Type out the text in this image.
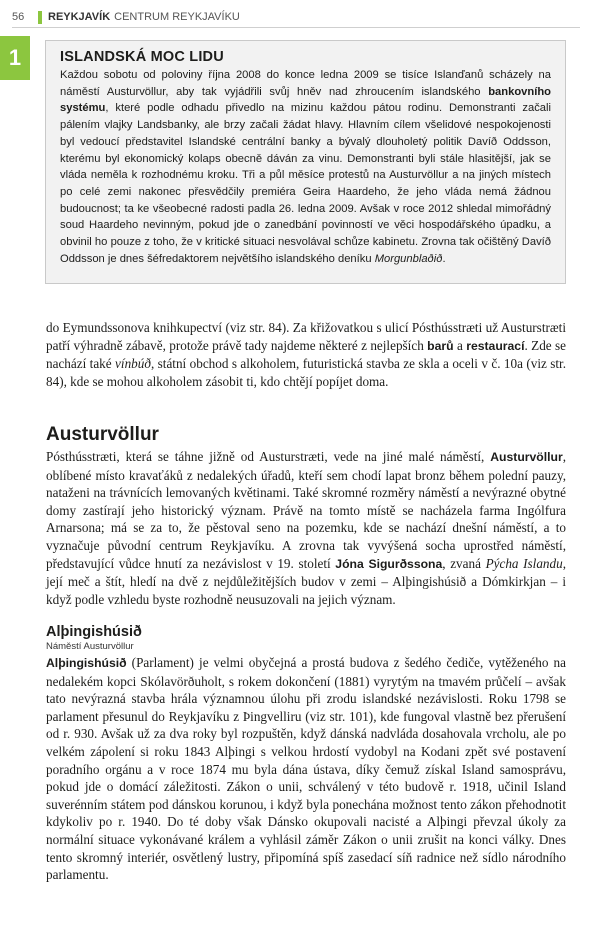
56	REYKJAVÍK CENTRUM REYKJAVÍKU
1	ISLANDSKÁ MOC LIDU
Každou sobotu od poloviny října 2008 do konce ledna 2009 se tisíce Islanďanů scházely na náměstí Austurvöllur, aby tak vyjádřili svůj hněv nad zhroucením islandského bankovního systému, které podle odhadu přivedlo na mizinu každou pátou rodinu. Demonstranti začali pálením vlajky Landsbanky, ale brzy začali žádat hlavy. Hlavním cílem všelidové nespokojenosti byl vedoucí představitel Islandské centrální banky a bývalý dlouholetý politik Davíð Oddsson, kterému byl ekonomický kolaps obecně dáván za vinu. Demonstranti byli stále hlasitější, jak se vláda neměla k rozhodnému kroku. Tři a půl měsíce protestů na Austurvöllur a na jiných místech po celé zemi nakonec přesvědčily premiéra Geira Haardeho, že jeho vláda nemá žádnou budoucnost; ta ke všeobecné radosti padla 26. ledna 2009. Avšak v roce 2012 shledal mimořádný soud Haardeho nevinným, pokud jde o zanedbání povinností ve věci hospodářského úpadku, a obvinil ho pouze z toho, že v kritické situaci nesvolával schůze kabinetu. Zrovna tak očištěný Davíð Oddsson je dnes šéfredaktorem největšího islandského deníku Morgunblaðið.

do Eymundssonova knihkupectví (viz str. 84). Za křižovatkou s ulicí Pósthússtræti už Austurstræti patří výhradně zábavě, protože právě tady najdeme některé z nejlepších barů a restaurací. Zde se nachází také vínbúð, státní obchod s alkoholem, futuristická stavba ze skla a oceli v č. 10a (viz str. 84), kde se mohou alkoholem zásobit ti, kdo chtějí popíjet doma.

Austurvöllur

Pósthússtræti, která se táhne jižně od Austurstræti, vede na jiné malé náměstí, Austurvöllur, oblíbené místo kravaťáků z nedalekých úřadů, kteří sem chodí lapat bronz během polední pauzy, nataženi na trávnících lemovaných květinami. Také skromné rozměry náměstí a nevýrazné obytné domy zastírají jeho historický význam. Právě na tomto místě se nacházela farma Ingólfura Arnarsona; má se za to, že pěstoval seno na pozemku, kde se nachází dnešní náměstí, a to vyznačuje původní centrum Reykjavíku. A zrovna tak vyvýšená socha uprostřed náměstí, představující vůdce hnutí za nezávislost v 19. století Jóna Sigurðssona, zvaná Pýcha Islandu, její meč a štít, hledí na dvě z nejdůležitějších budov v zemi – Alþingishúsið a Dómkirkjan – i když podle vzhledu byste rozhodně neusuzovali na jejich význam.

Alþingishúsið
Náměstí Austurvöllur

Alþingishúsið (Parlament) je velmi obyčejná a prostá budova z šedého čediče, vytěženého na nedalekém kopci Skólavörðuholt, s rokem dokončení (1881) vyrytým na tmavém průčelí – avšak tato nevýrazná stavba hrála významnou úlohu při zrodu islandské nezávislosti. Roku 1798 se parlament přesunul do Reykjavíku z Þingvelliru (viz str. 101), kde fungoval vlastně bez přerušení od r. 930. Avšak už za dva roky byl rozpuštěn, když dánská nadvláda dosahovala vrcholu, ale po velkém zápolení si roku 1843 Alþingi s velkou hrdostí vydobyl na Kodani zpět své postavení poradního orgánu a v roce 1874 mu byla dána ústava, díky čemuž získal Island samosprávu, pokud jde o domácí záležitosti. Zákon o unii, schválený v této budově r. 1918, učinil Island suverénním státem pod dánskou korunou, i když byla ponechána možnost tento zákon přehodnotit kdykoliv po r. 1940. Do té doby však Dánsko okupovali nacisté a Alþingi převzal úkoly za normální situace vykonávané králem a vyhlásil záměr Zákon o unii zrušit na konci války. Dnes tento skromný interiér, osvětlený lustry, připomíná spíš zasedací síň radnice než sídlo národního parlamentu.
